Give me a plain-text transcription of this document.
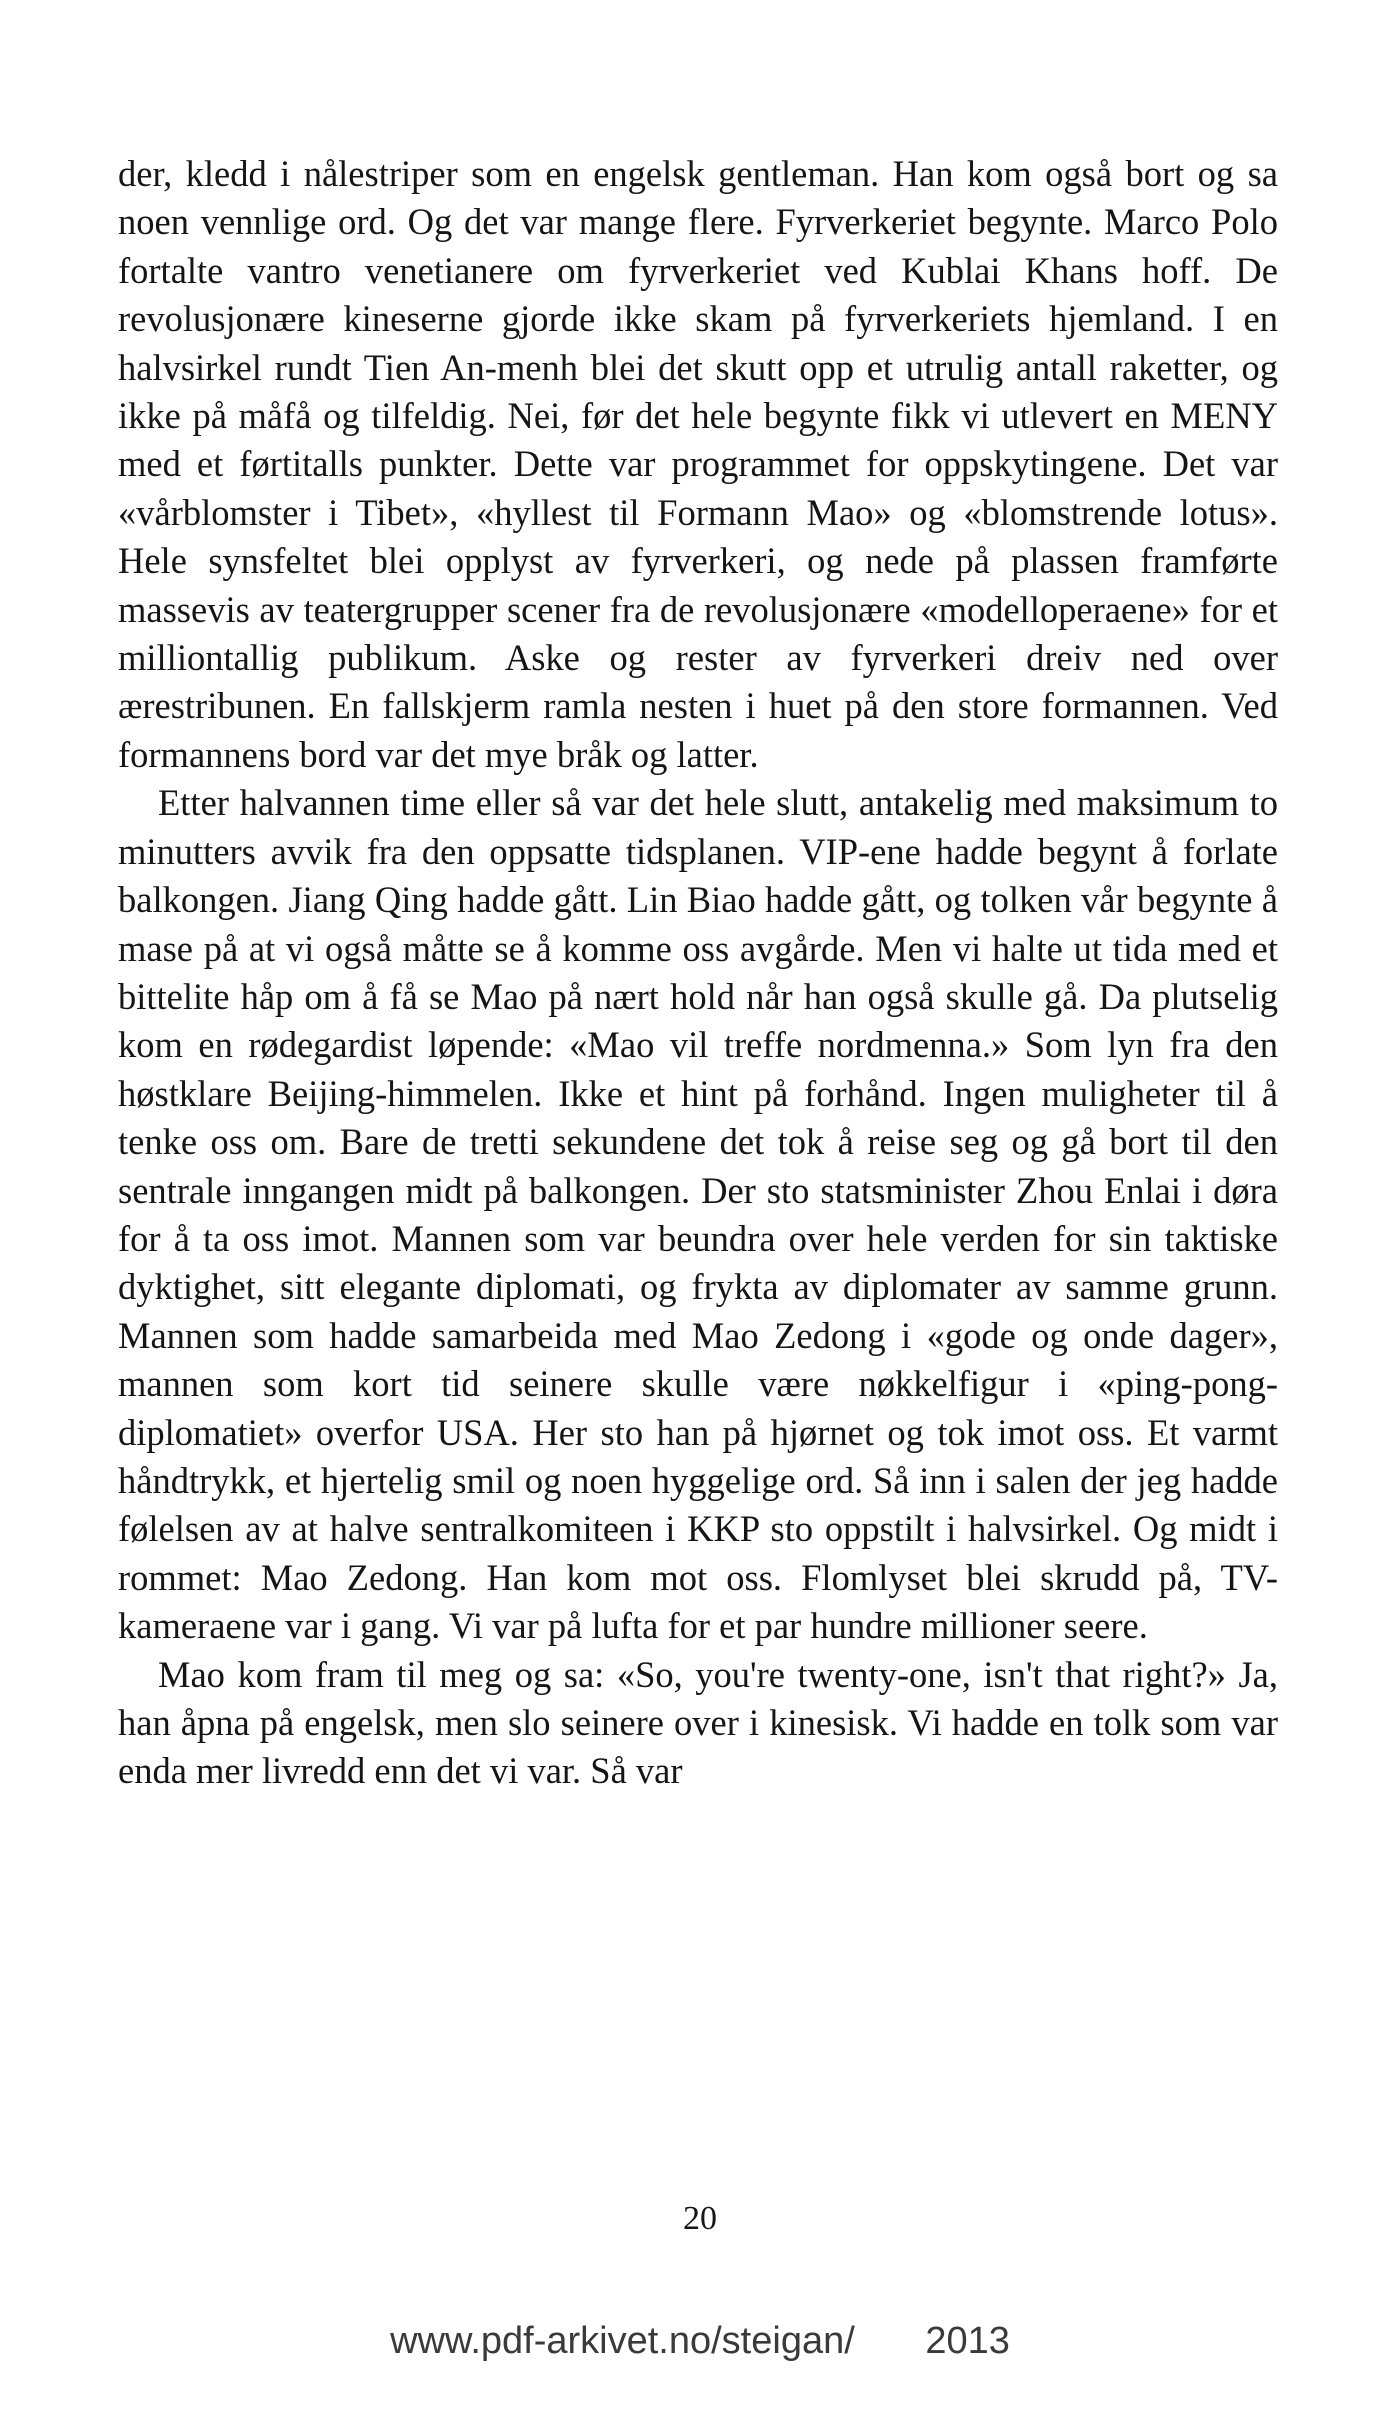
der, kledd i nålestriper som en engelsk gentleman. Han kom også bort og sa noen vennlige ord. Og det var mange flere. Fyrverkeriet begynte. Marco Polo fortalte vantro venetianere om fyrverkeriet ved Kublai Khans hoff. De revolusjonære kineserne gjorde ikke skam på fyrverkeriets hjemland. I en halvsirkel rundt Tien An-menh blei det skutt opp et utrulig antall raketter, og ikke på måfå og tilfeldig. Nei, før det hele begynte fikk vi utlevert en MENY med et førtitalls punkter. Dette var programmet for oppskytingene. Det var «vårblomster i Tibet», «hyllest til Formann Mao» og «blomstrende lotus». Hele synsfeltet blei opplyst av fyrverkeri, og nede på plassen framførte massevis av teatergrupper scener fra de revolusjonære «modelloperaene» for et milliontallig publikum. Aske og rester av fyrverkeri dreiv ned over ærestribunen. En fallskjerm ramla nesten i huet på den store formannen. Ved formannens bord var det mye bråk og latter.

Etter halvannen time eller så var det hele slutt, antakelig med maksimum to minutters avvik fra den oppsatte tidsplanen. VIP-ene hadde begynt å forlate balkongen. Jiang Qing hadde gått. Lin Biao hadde gått, og tolken vår begynte å mase på at vi også måtte se å komme oss avgårde. Men vi halte ut tida med et bittelite håp om å få se Mao på nært hold når han også skulle gå. Da plutselig kom en rødegardist løpende: «Mao vil treffe nordmenna.» Som lyn fra den høstklare Beijing-himmelen. Ikke et hint på forhånd. Ingen muligheter til å tenke oss om. Bare de tretti sekundene det tok å reise seg og gå bort til den sentrale inngangen midt på balkongen. Der sto statsminister Zhou Enlai i døra for å ta oss imot. Mannen som var beundra over hele verden for sin taktiske dyktighet, sitt elegante diplomati, og frykta av diplomater av samme grunn. Mannen som hadde samarbeida med Mao Zedong i «gode og onde dager», mannen som kort tid seinere skulle være nøkkelfigur i «ping-pong-diplomatiet» overfor USA. Her sto han på hjørnet og tok imot oss. Et varmt håndtrykk, et hjertelig smil og noen hyggelige ord. Så inn i salen der jeg hadde følelsen av at halve sentralkomiteen i KKP sto oppstilt i halvsirkel. Og midt i rommet: Mao Zedong. Han kom mot oss. Flomlyset blei skrudd på, TV-kameraene var i gang. Vi var på lufta for et par hundre millioner seere.

Mao kom fram til meg og sa: «So, you're twenty-one, isn't that right?» Ja, han åpna på engelsk, men slo seinere over i kinesisk. Vi hadde en tolk som var enda mer livredd enn det vi var. Så var

20
www.pdf-arkivet.no/steigan/ 2013
